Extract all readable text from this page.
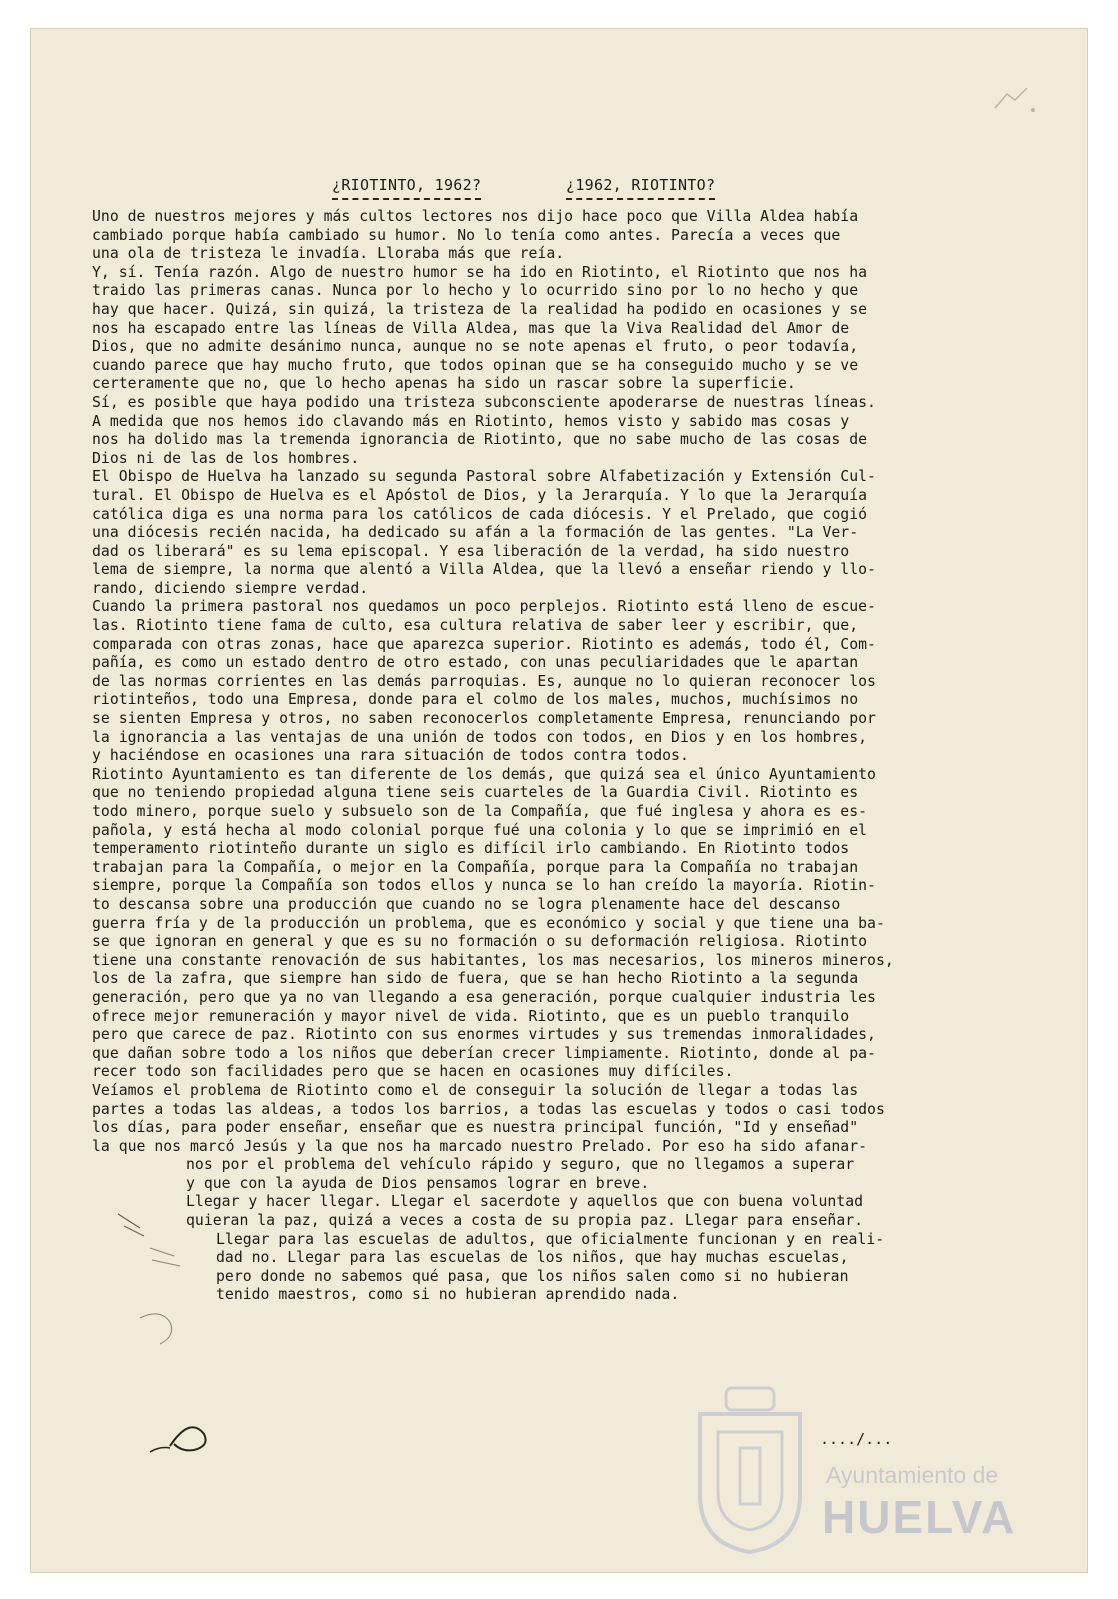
¿RIOTINTO, 1962?	¿1962, RIOTINTO?

Uno de nuestros mejores y más cultos lectores nos dijo hace poco que Villa Aldea había
cambiado porque había cambiado su humor. No lo tenía como antes. Parecía a veces que
una ola de tristeza le invadía. Lloraba más que reía.

Y, sí. Tenía razón. Algo de nuestro humor se ha ido en Riotinto, el Riotinto que nos ha
traido las primeras canas. Nunca por lo hecho y lo ocurrido sino por lo no hecho y que
hay que hacer. Quizá, sin quizá, la tristeza de la realidad ha podido en ocasiones y se
nos ha escapado entre las líneas de Villa Aldea, mas que la Viva Realidad del Amor de
Dios, que no admite desánimo nunca, aunque no se note apenas el fruto, o peor todavía,
cuando parece que hay mucho fruto, que todos opinan que se ha conseguido mucho y se ve
certeramente que no, que lo hecho apenas ha sido un rascar sobre la superficie.

Sí, es posible que haya podido una tristeza subconsciente apoderarse de nuestras líneas.
A medida que nos hemos ido clavando más en Riotinto, hemos visto y sabido mas cosas y
nos ha dolido mas la tremenda ignorancia de Riotinto, que no sabe mucho de las cosas de
Dios ni de las de los hombres.

El Obispo de Huelva ha lanzado su segunda Pastoral sobre Alfabetización y Extensión Cul-
tural. El Obispo de Huelva es el Apóstol de Dios, y la Jerarquía. Y lo que la Jerarquía
católica diga es una norma para los católicos de cada diócesis. Y el Prelado, que cogió
una diócesis recién nacida, ha dedicado su afán a la formación de las gentes. "La Ver-
dad os liberará" es su lema episcopal. Y esa liberación de la verdad, ha sido nuestro
lema de siempre, la norma que alentó a Villa Aldea, que la llevó a enseñar riendo y llo-
rando, diciendo siempre verdad.

Cuando la primera pastoral nos quedamos un poco perplejos. Riotinto está lleno de escue-
las. Riotinto tiene fama de culto, esa cultura relativa de saber leer y escribir, que,
comparada con otras zonas, hace que aparezca superior. Riotinto es además, todo él, Com-
pañía, es como un estado dentro de otro estado, con unas peculiaridades que le apartan
de las normas corrientes en las demás parroquias. Es, aunque no lo quieran reconocer los
riotinteños, todo una Empresa, donde para el colmo de los males, muchos, muchísimos no
se sienten Empresa y otros, no saben reconocerlos completamente Empresa, renunciando por
la ignorancia a las ventajas de una unión de todos con todos, en Dios y en los hombres,
y haciéndose en ocasiones una rara situación de todos contra todos.

Riotinto Ayuntamiento es tan diferente de los demás, que quizá sea el único Ayuntamiento
que no teniendo propiedad alguna tiene seis cuarteles de la Guardia Civil. Riotinto es
todo minero, porque suelo y subsuelo son de la Compañía, que fué inglesa y ahora es es-
pañola, y está hecha al modo colonial porque fué una colonia y lo que se imprimió en el
temperamento riotinteño durante un siglo es difícil irlo cambiando. En Riotinto todos
trabajan para la Compañía, o mejor en la Compañía, porque para la Compañía no trabajan
siempre, porque la Compañía son todos ellos y nunca se lo han creído la mayoría. Riotin-
to descansa sobre una producción que cuando no se logra plenamente hace del descanso
guerra fría y de la producción un problema, que es económico y social y que tiene una ba-
se que ignoran en general y que es su no formación o su deformación religiosa. Riotinto
tiene una constante renovación de sus habitantes, los mas necesarios, los mineros mineros,
los de la zafra, que siempre han sido de fuera, que se han hecho Riotinto a la segunda
generación, pero que ya no van llegando a esa generación, porque cualquier industria les
ofrece mejor remuneración y mayor nivel de vida. Riotinto, que es un pueblo tranquilo
pero que carece de paz. Riotinto con sus enormes virtudes y sus tremendas inmoralidades,
que dañan sobre todo a los niños que deberían crecer limpiamente. Riotinto, donde al pa-
recer todo son facilidades pero que se hacen en ocasiones muy difíciles.

Veíamos el problema de Riotinto como el de conseguir la solución de llegar a todas las
partes a todas las aldeas, a todos los barrios, a todas las escuelas y todos o casi todos
los días, para poder enseñar, enseñar que es nuestra principal función, "Id y enseñad"
la que nos marcó Jesús y la que nos ha marcado nuestro Prelado. Por eso ha sido afanar-

nos por el problema del vehículo rápido y seguro, que no llegamos a superar
y que con la ayuda de Dios pensamos lograr en breve.

Llegar y hacer llegar. Llegar el sacerdote y aquellos que con buena voluntad
quieran la paz, quizá a veces a costa de su propia paz. Llegar para enseñar.

Llegar para las escuelas de adultos, que oficialmente funcionan y en reali-
dad no. Llegar para las escuelas de los niños, que hay muchas escuelas,
pero donde no sabemos qué pasa, que los niños salen como si no hubieran
tenido maestros, como si no hubieran aprendido nada.

..../...
Ayuntamiento de
HUELVA
